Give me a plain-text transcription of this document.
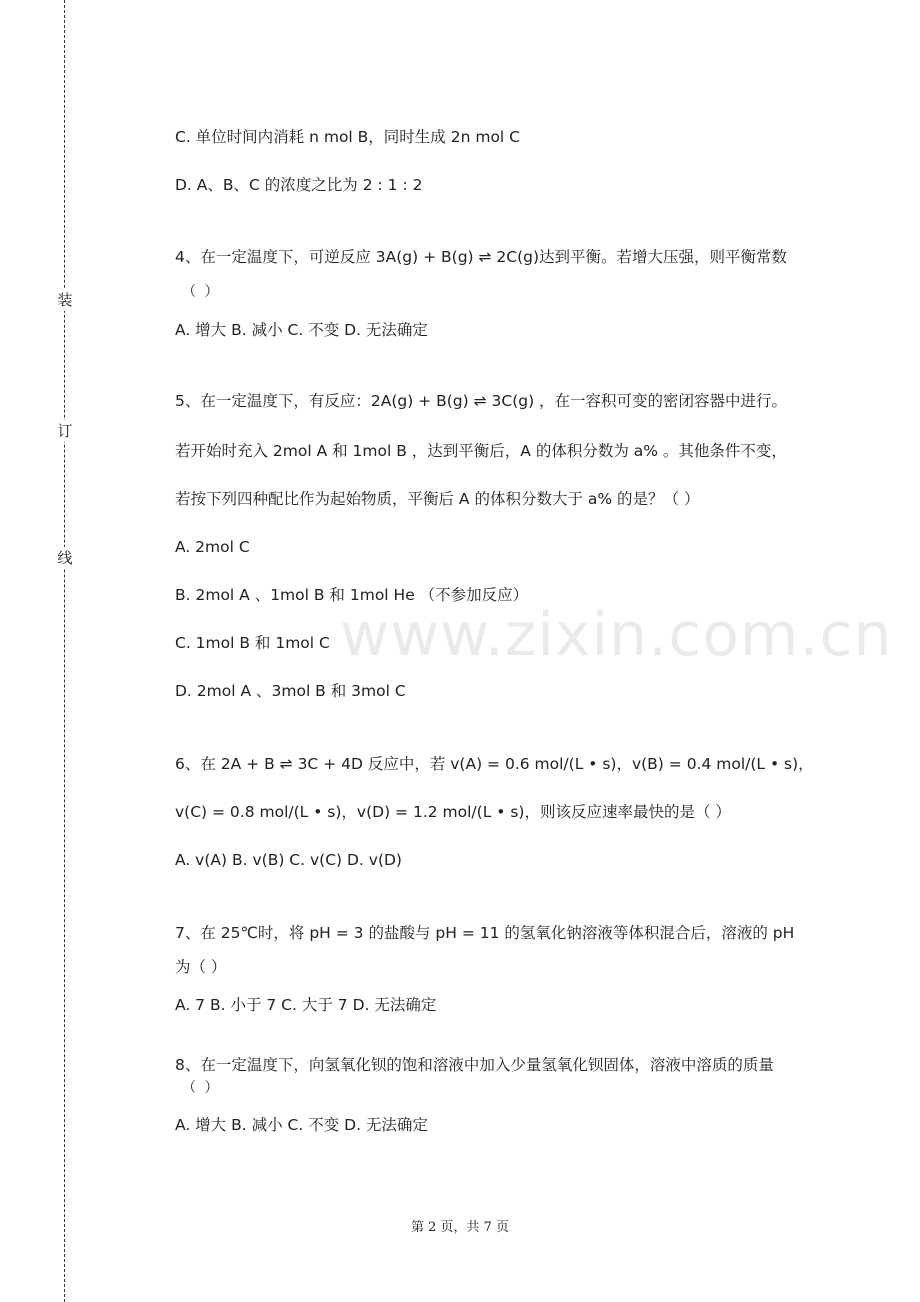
装
订
线
C. 单位时间内消耗 n mol B，同时生成 2n mol C
D. A、B、C 的浓度之比为 2 : 1 : 2
4、在一定温度下，可逆反应 3A(g) + B(g) ⇌ 2C(g)达到平衡。若增大压强，则平衡常数
（ ）
A. 增大 B. 减小 C. 不变 D. 无法确定
5、在一定温度下，有反应：2A(g) + B(g) ⇌ 3C(g) ，在一容积可变的密闭容器中进行。
若开始时充入 2mol A 和 1mol B ，达到平衡后，A 的体积分数为 a% 。其他条件不变，
若按下列四种配比作为起始物质，平衡后 A 的体积分数大于 a% 的是？（ ）
A. 2mol C
B. 2mol A 、1mol B 和 1mol He （不参加反应）
C. 1mol B 和 1mol C
D. 2mol A 、3mol B 和 3mol C
6、在 2A + B ⇌ 3C + 4D 反应中，若 v(A) = 0.6 mol/(L • s)，v(B) = 0.4 mol/(L • s)，
v(C) = 0.8 mol/(L • s)，v(D) = 1.2 mol/(L • s)，则该反应速率最快的是（ ）
A. v(A) B. v(B) C. v(C) D. v(D)
7、在 25℃时，将 pH = 3 的盐酸与 pH = 11 的氢氧化钠溶液等体积混合后，溶液的 pH
为（ ）
A. 7 B. 小于 7 C. 大于 7 D. 无法确定
8、在一定温度下，向氢氧化钡的饱和溶液中加入少量氢氧化钡固体，溶液中溶质的质量
（ ）
A. 增大 B. 减小 C. 不变 D. 无法确定
www.zixin.com.cn
第 2 页，共 7 页
